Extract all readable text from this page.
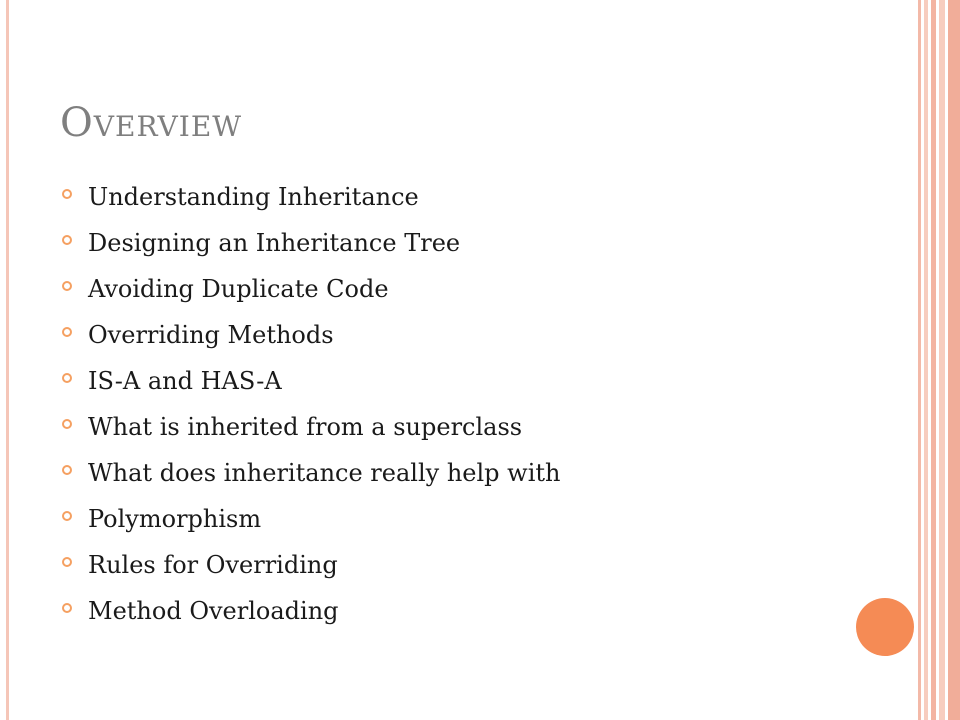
Overview
Understanding Inheritance
Designing an Inheritance Tree
Avoiding Duplicate Code
Overriding Methods
IS-A and HAS-A
What is inherited from a superclass
What does inheritance really help with
Polymorphism
Rules for Overriding
Method Overloading
